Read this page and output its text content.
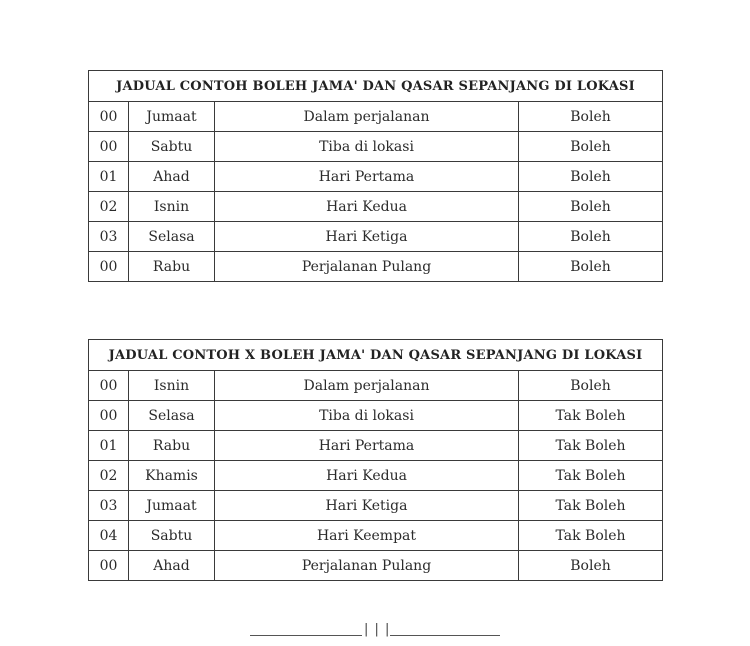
JADUAL CONTOH BOLEH JAMA' DAN QASAR SEPANJANG DI LOKASI			
00	Jumaat	Dalam perjalanan	Boleh
00	Sabtu	Tiba di lokasi	Boleh
01	Ahad	Hari Pertama	Boleh
02	Isnin	Hari Kedua	Boleh
03	Selasa	Hari Ketiga	Boleh
00	Rabu	Perjalanan Pulang	Boleh
JADUAL CONTOH X BOLEH JAMA' DAN QASAR SEPANJANG DI LOKASI			
00	Isnin	Dalam perjalanan	Boleh
00	Selasa	Tiba di lokasi	Tak Boleh
01	Rabu	Hari Pertama	Tak Boleh
02	Khamis	Hari Kedua	Tak Boleh
03	Jumaat	Hari Ketiga	Tak Boleh
04	Sabtu	Hari Keempat	Tak Boleh
00	Ahad	Perjalanan Pulang	Boleh
| | |
